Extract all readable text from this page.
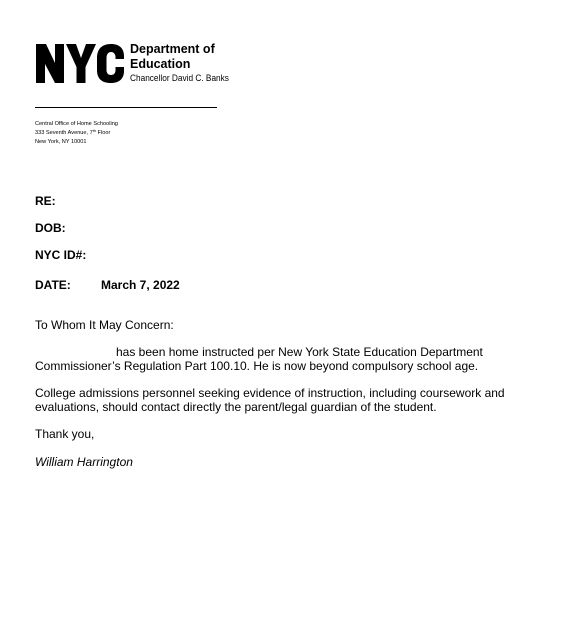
Department of
Education
Chancellor David C. Banks
Central Office of Home Schooling
333 Seventh Avenue, 7th Floor
New York, NY 10001
RE:
DOB:
NYC ID#:
DATE:	March 7, 2022
To Whom It May Concern:
has been home instructed per New York State Education Department
Commissioner’s Regulation Part 100.10. He is now beyond compulsory school age.
College admissions personnel seeking evidence of instruction, including coursework and
evaluations, should contact directly the parent/legal guardian of the student.
Thank you,
William Harrington
